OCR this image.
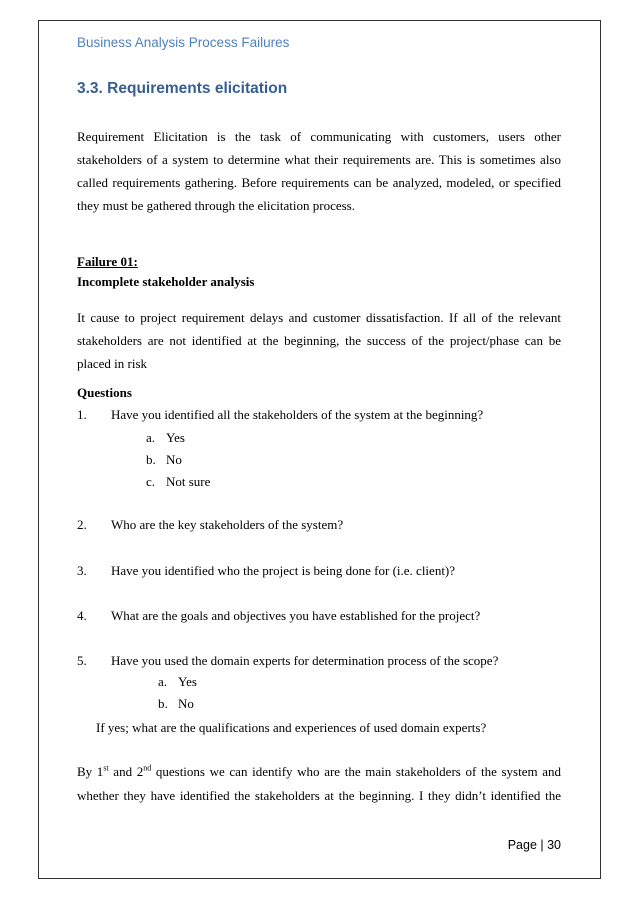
Business Analysis Process Failures
3.3. Requirements elicitation

Requirement Elicitation is the task of communicating with customers, users other stakeholders of a system to determine what their requirements are. This is sometimes also called requirements gathering. Before requirements can be analyzed, modeled, or specified they must be gathered through the elicitation process.

Failure 01:
Incomplete stakeholder analysis

It cause to project requirement delays and customer dissatisfaction. If all of the relevant stakeholders are not identified at the beginning, the success of the project/phase can be placed in risk

Questions
1. Have you identified all the stakeholders of the system at the beginning?
a. Yes
b. No
c. Not sure
2. Who are the key stakeholders of the system?
3. Have you identified who the project is being done for (i.e. client)?
4. What are the goals and objectives you have established for the project?
5. Have you used the domain experts for determination process of the scope?
a. Yes
b. No
If yes; what are the qualifications and experiences of used domain experts?
By 1st and 2nd questions we can identify who are the main stakeholders of the system and
whether they have identified the stakeholders at the beginning. I they didn’t identified the
Page | 30
